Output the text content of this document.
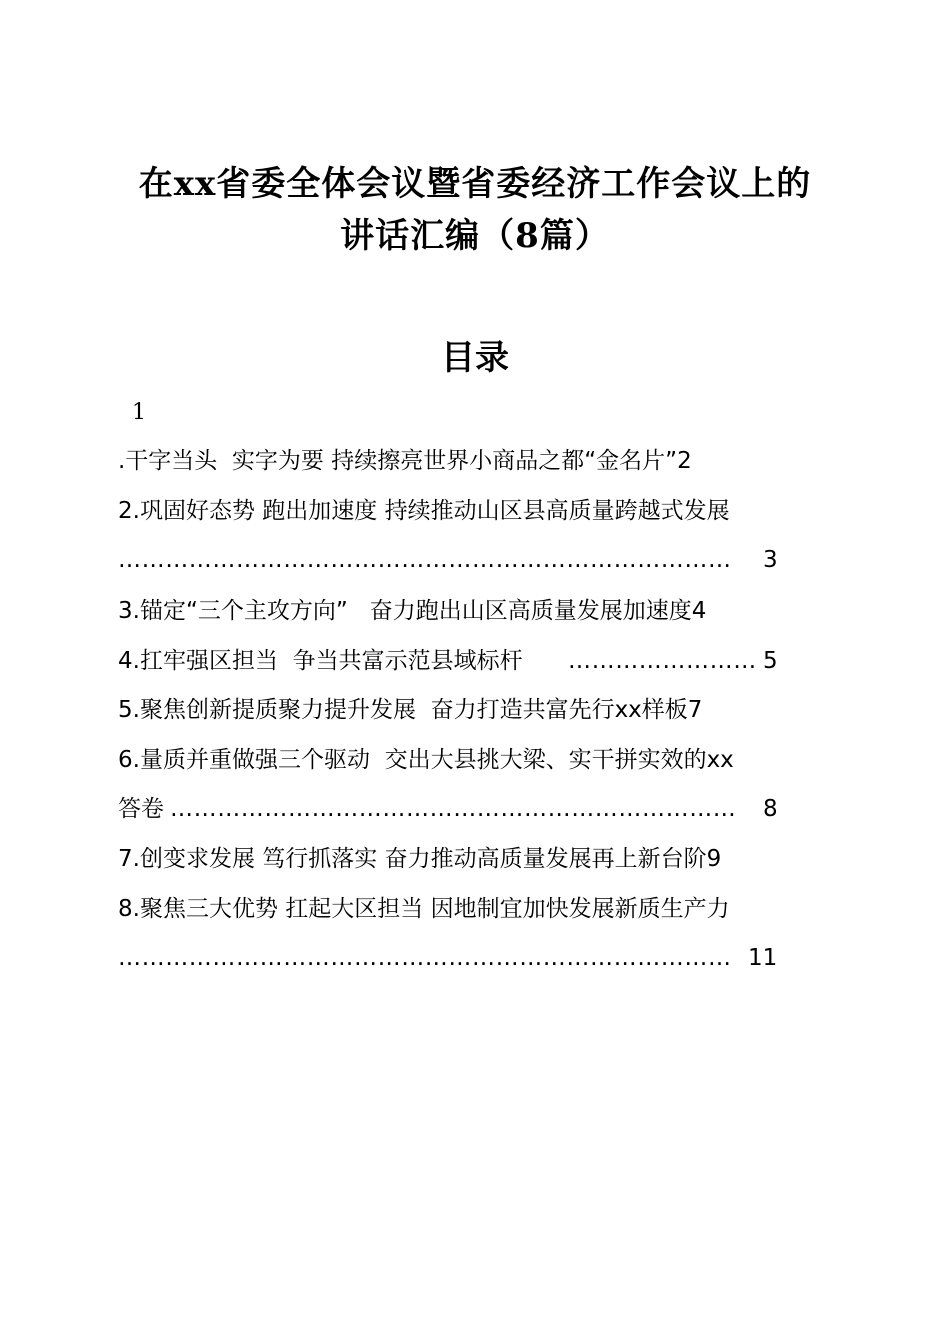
在xx省委全体会议暨省委经济工作会议上的
讲话汇编（8篇）
目录
1
.干字当头  实字为要 持续擦亮世界小商品之都“金名片”2
2.巩固好态势 跑出加速度 持续推动山区县高质量跨越式发展
……………………………………………………………………	3
3.锚定“三个主攻方向”   奋力跑出山区高质量发展加速度4
4.扛牢强区担当  争当共富示范县域标杆	…………………… 5
5.聚焦创新提质聚力提升发展  奋力打造共富先行xx样板7
6.量质并重做强三个驱动  交出大县挑大梁、实干拼实效的xx
答卷 ………………………………………………………………	8
7.创变求发展 笃行抓落实 奋力推动高质量发展再上新台阶9
8.聚焦三大优势 扛起大区担当 因地制宜加快发展新质生产力
…………………………………………………………………… 11
